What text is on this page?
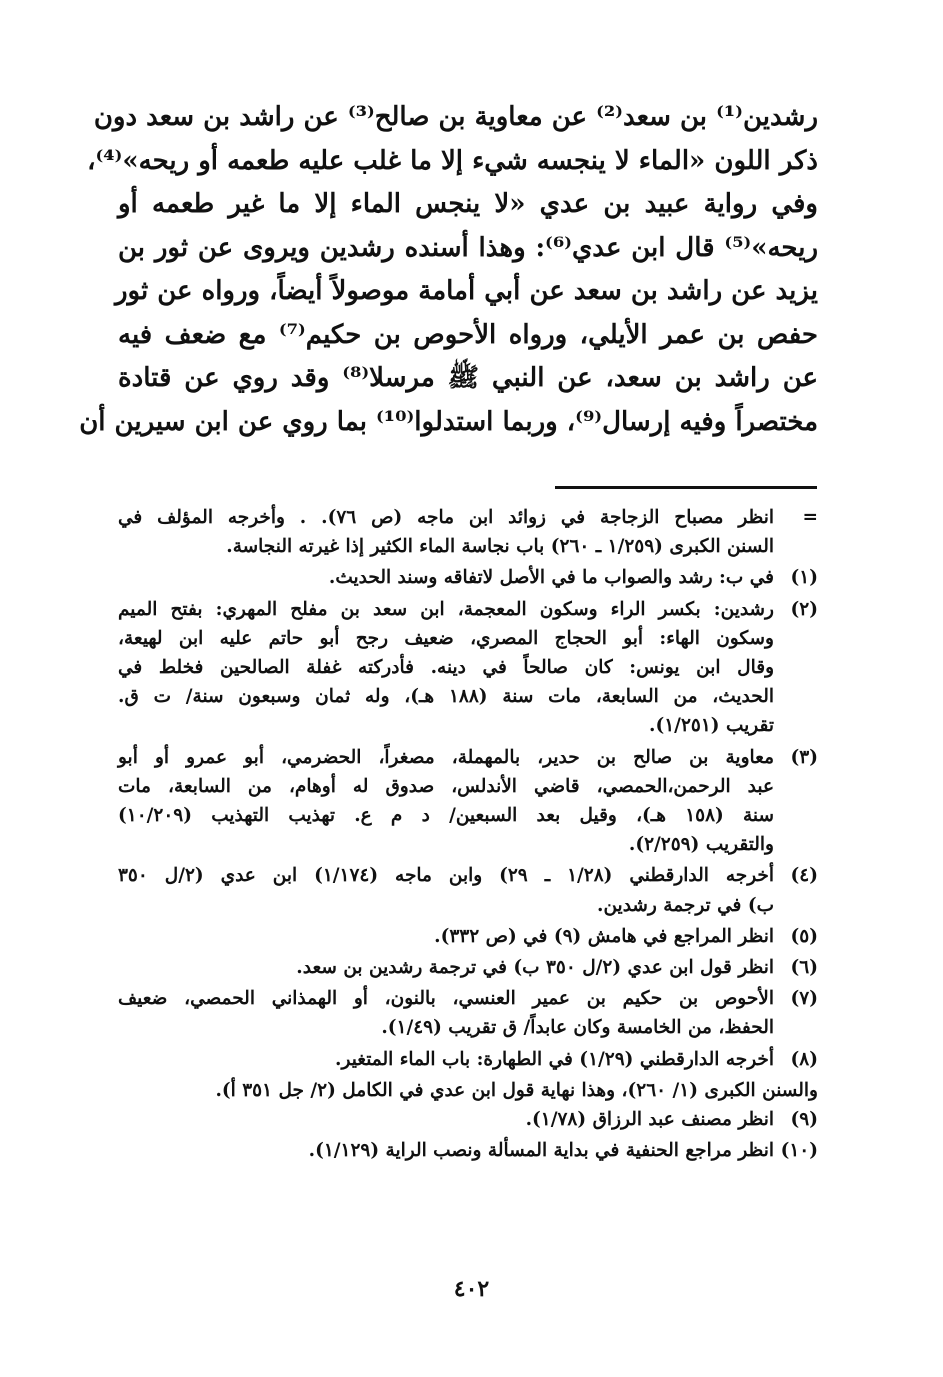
رشدين⁽¹⁾ بن سعد⁽²⁾ عن معاوية بن صالح⁽³⁾ عن راشد بن سعد دون
ذكر اللون «الماء لا ينجسه شيء إلا ما غلب عليه طعمه أو ريحه»⁽⁴⁾،
وفي رواية عبيد بن عدي «لا ينجس الماء إلا ما غير طعمه أو
ريحه»⁽⁵⁾ قال ابن عدي⁽⁶⁾: وهذا أسنده رشدين ويروى عن ثور بن
يزيد عن راشد بن سعد عن أبي أمامة موصولاً أيضاً، ورواه عن ثور
حفص بن عمر الأيلي، ورواه الأحوص بن حكيم⁽⁷⁾ مع ضعف فيه
عن راشد بن سعد، عن النبي ﷺ مرسلا⁽⁸⁾ وقد روي عن قتادة
مختصراً وفيه إرسال⁽⁹⁾، وربما استدلوا⁽¹⁰⁾ بما روي عن ابن سيرين أن
=
انظر مصباح الزجاجة في زوائد ابن ماجه (ص ٧٦). . وأخرجه المؤلف في
السنن الكبرى (١/٢٥٩ ـ ٢٦٠) باب نجاسة الماء الكثير إذا غيرته النجاسة.
(١)
في ب: رشد والصواب ما في الأصل لاتفاقه وسند الحديث.
(٢)
رشدين: بكسر الراء وسكون المعجمة، ابن سعد بن مفلح المهري: بفتح الميم
وسكون الهاء: أبو الحجاج المصري، ضعيف رجح أبو حاتم عليه ابن لهيعة،
وقال ابن يونس: كان صالحاً في دينه. فأدركته غفلة الصالحين فخلط في
الحديث، من السابعة، مات سنة (١٨٨ هـ)، وله ثمان وسبعون سنة/ ت ق.
تقريب (١/٢٥١).
(٣)
معاوية بن صالح بن حدير، بالمهملة، مصغراً، الحضرمي، أبو عمرو أو أبو
عبد الرحمن،الحمصي، قاضي الأندلس، صدوق له أوهام، من السابعة، مات
سنة (١٥٨ هـ)، وقيل بعد السبعين/ د م ع. تهذيب التهذيب (١٠/٢٠٩)
والتقريب (٢/٢٥٩).
(٤)
أخرجه الدارقطني (١/٢٨ ـ ٢٩) وابن ماجه (١/١٧٤) ابن عدي (٢/ل ٣٥٠
ب) في ترجمة رشدين.
(٥)
انظر المراجع في هامش (٩) في (ص ٣٣٢).
(٦)
انظر قول ابن عدي (٢/ل ٣٥٠ ب) في ترجمة رشدين بن سعد.
(٧)
الأحوص بن حكيم بن عمير العنسي، بالنون، أو الهمذاني الحمصي، ضعيف
الحفظ، من الخامسة وكان عابداً/ ق تقريب (١/٤٩).
(٨)
أخرجه الدارقطني (١/٢٩) في الطهارة: باب الماء المتغير.
والسنن الكبرى (١/ ٢٦٠)، وهذا نهاية قول ابن عدي في الكامل (٢/ جل ٣٥١ أ).
(٩)
انظر مصنف عبد الرزاق (١/٧٨).
(١٠)
انظر مراجع الحنفية في بداية المسألة ونصب الراية (١/١٢٩).
٤٠٢
